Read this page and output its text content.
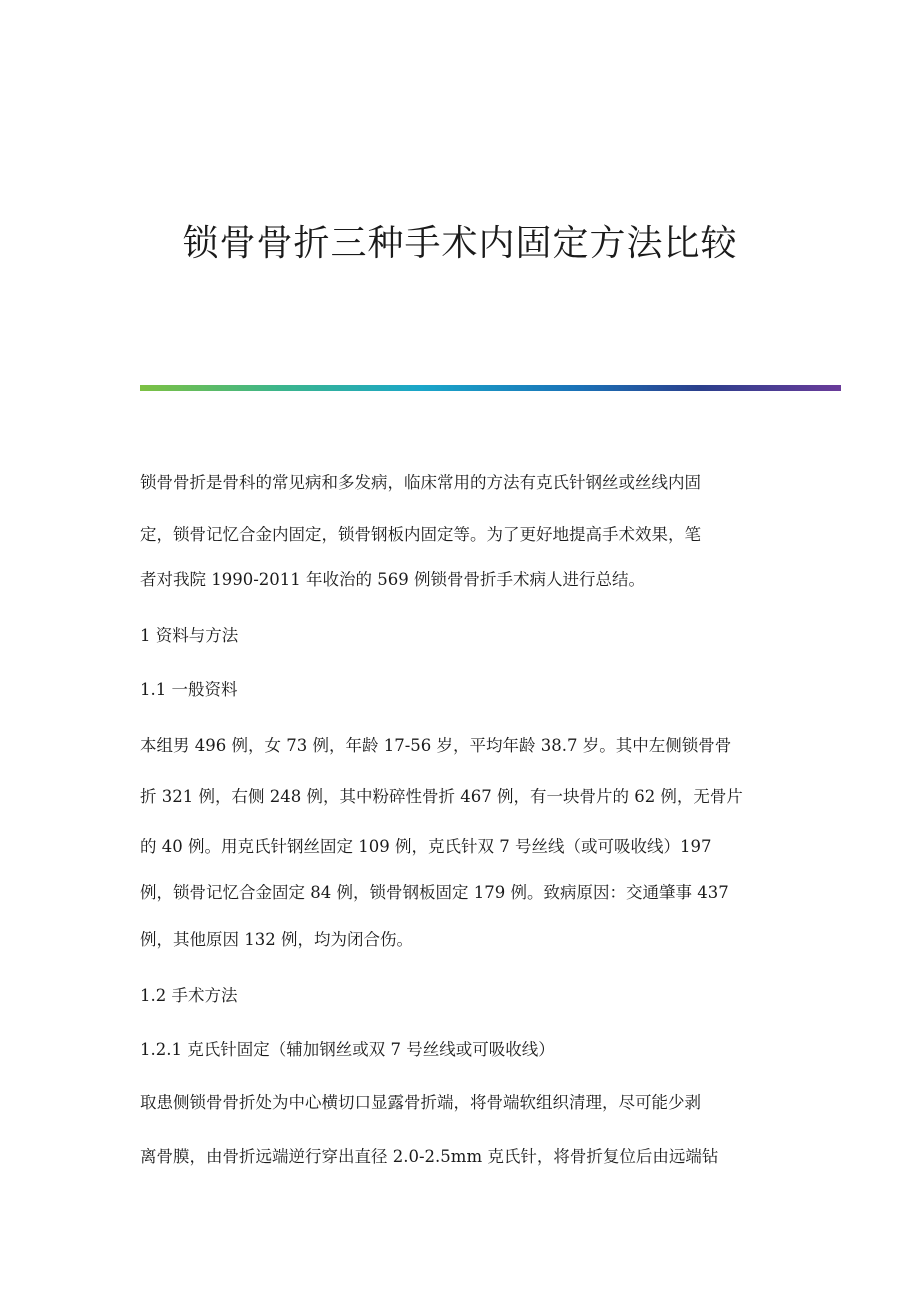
锁骨骨折三种手术内固定方法比较
锁骨骨折是骨科的常见病和多发病，临床常用的方法有克氏针钢丝或丝线内固
定，锁骨记忆合金内固定，锁骨钢板内固定等。为了更好地提高手术效果，笔
者对我院 1990-2011 年收治的 569 例锁骨骨折手术病人进行总结。
1 资料与方法
1.1 一般资料
本组男 496 例，女 73 例，年龄 17-56 岁，平均年龄 38.7 岁。其中左侧锁骨骨
折 321 例，右侧 248 例，其中粉碎性骨折 467 例，有一块骨片的 62 例，无骨片
的 40 例。用克氏针钢丝固定 109 例，克氏针双 7 号丝线（或可吸收线）197
例，锁骨记忆合金固定 84 例，锁骨钢板固定 179 例。致病原因：交通肇事 437
例，其他原因 132 例，均为闭合伤。
1.2 手术方法
1.2.1 克氏针固定（辅加钢丝或双 7 号丝线或可吸收线）
取患侧锁骨骨折处为中心横切口显露骨折端，将骨端软组织清理，尽可能少剥
离骨膜，由骨折远端逆行穿出直径 2.0-2.5mm 克氏针，将骨折复位后由远端钻
